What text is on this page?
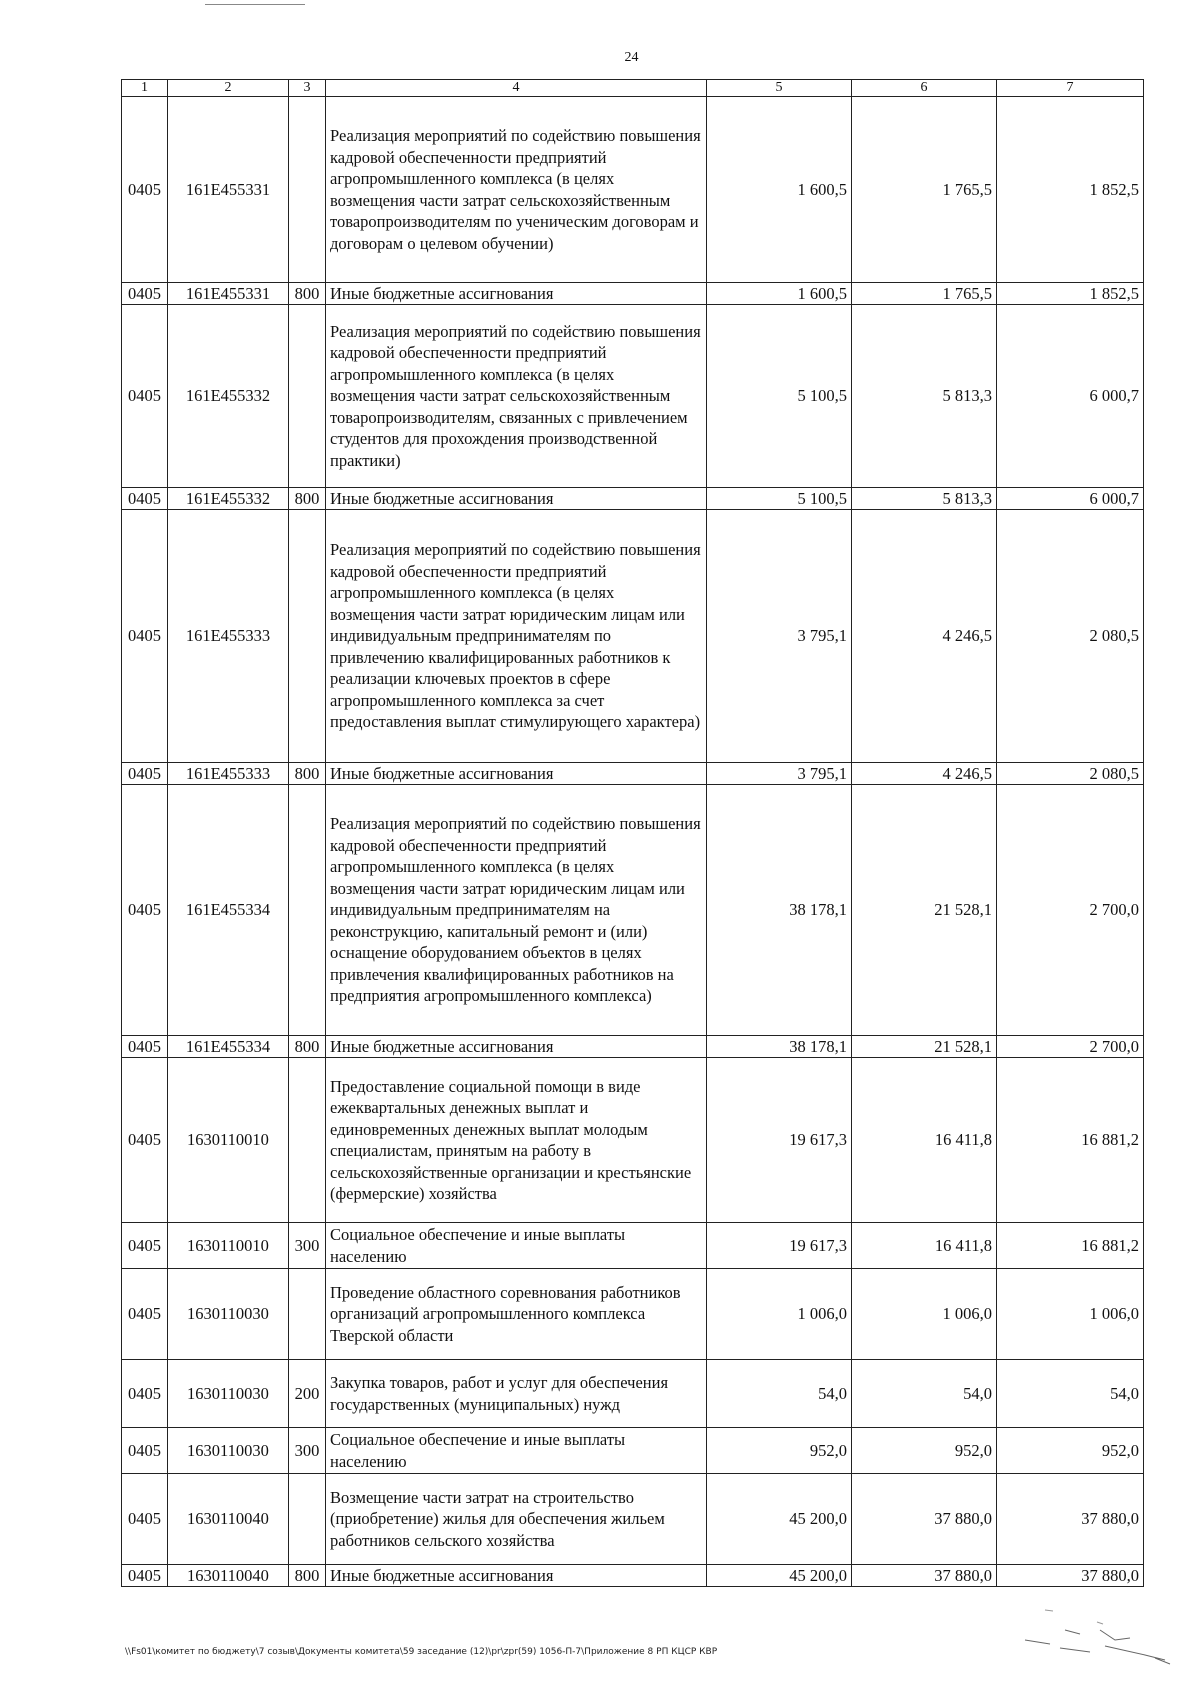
24
1	2	3	4	5	6	7
0405	161E455331		Реализация мероприятий по содействию повышения кадровой обеспеченности предприятий агропромышленного комплекса (в целях возмещения части затрат сельскохозяйственным товаропроизводителям по ученическим договорам и договорам о целевом обучении)	1 600,5	1 765,5	1 852,5
0405	161E455331	800	Иные бюджетные ассигнования	1 600,5	1 765,5	1 852,5
0405	161E455332		Реализация мероприятий по содействию повышения кадровой обеспеченности предприятий агропромышленного комплекса (в целях возмещения части затрат сельскохозяйственным товаропроизводителям, связанных с привлечением студентов для прохождения производственной практики)	5 100,5	5 813,3	6 000,7
0405	161E455332	800	Иные бюджетные ассигнования	5 100,5	5 813,3	6 000,7
0405	161E455333		Реализация мероприятий по содействию повышения кадровой обеспеченности предприятий агропромышленного комплекса (в целях возмещения части затрат юридическим лицам или индивидуальным предпринимателям по привлечению квалифицированных работников к реализации ключевых проектов в сфере агропромышленного комплекса за счет предоставления выплат стимулирующего характера)	3 795,1	4 246,5	2 080,5
0405	161E455333	800	Иные бюджетные ассигнования	3 795,1	4 246,5	2 080,5
0405	161E455334		Реализация мероприятий по содействию повышения кадровой обеспеченности предприятий агропромышленного комплекса (в целях возмещения части затрат юридическим лицам или индивидуальным предпринимателям на реконструкцию, капитальный ремонт и (или) оснащение оборудованием объектов в целях привлечения квалифицированных работников на предприятия агропромышленного комплекса)	38 178,1	21 528,1	2 700,0
0405	161E455334	800	Иные бюджетные ассигнования	38 178,1	21 528,1	2 700,0
0405	1630110010		Предоставление социальной помощи в виде ежеквартальных денежных выплат и единовременных денежных выплат молодым специалистам, принятым на работу в сельскохозяйственные организации и крестьянские (фермерские) хозяйства	19 617,3	16 411,8	16 881,2
0405	1630110010	300	Социальное обеспечение и иные выплаты населению	19 617,3	16 411,8	16 881,2
0405	1630110030		Проведение областного соревнования работников организаций агропромышленного комплекса Тверской области	1 006,0	1 006,0	1 006,0
0405	1630110030	200	Закупка товаров, работ и услуг для обеспечения государственных (муниципальных) нужд	54,0	54,0	54,0
0405	1630110030	300	Социальное обеспечение и иные выплаты населению	952,0	952,0	952,0
0405	1630110040		Возмещение части затрат на строительство (приобретение) жилья для обеспечения жильем работников сельского хозяйства	45 200,0	37 880,0	37 880,0
0405	1630110040	800	Иные бюджетные ассигнования	45 200,0	37 880,0	37 880,0
\\Fs01\комитет по бюджету\7 созыв\Документы комитета\59 заседание (12)\pr\zpr(59) 1056-П-7\Приложение 8 РП КЦСР КВР
